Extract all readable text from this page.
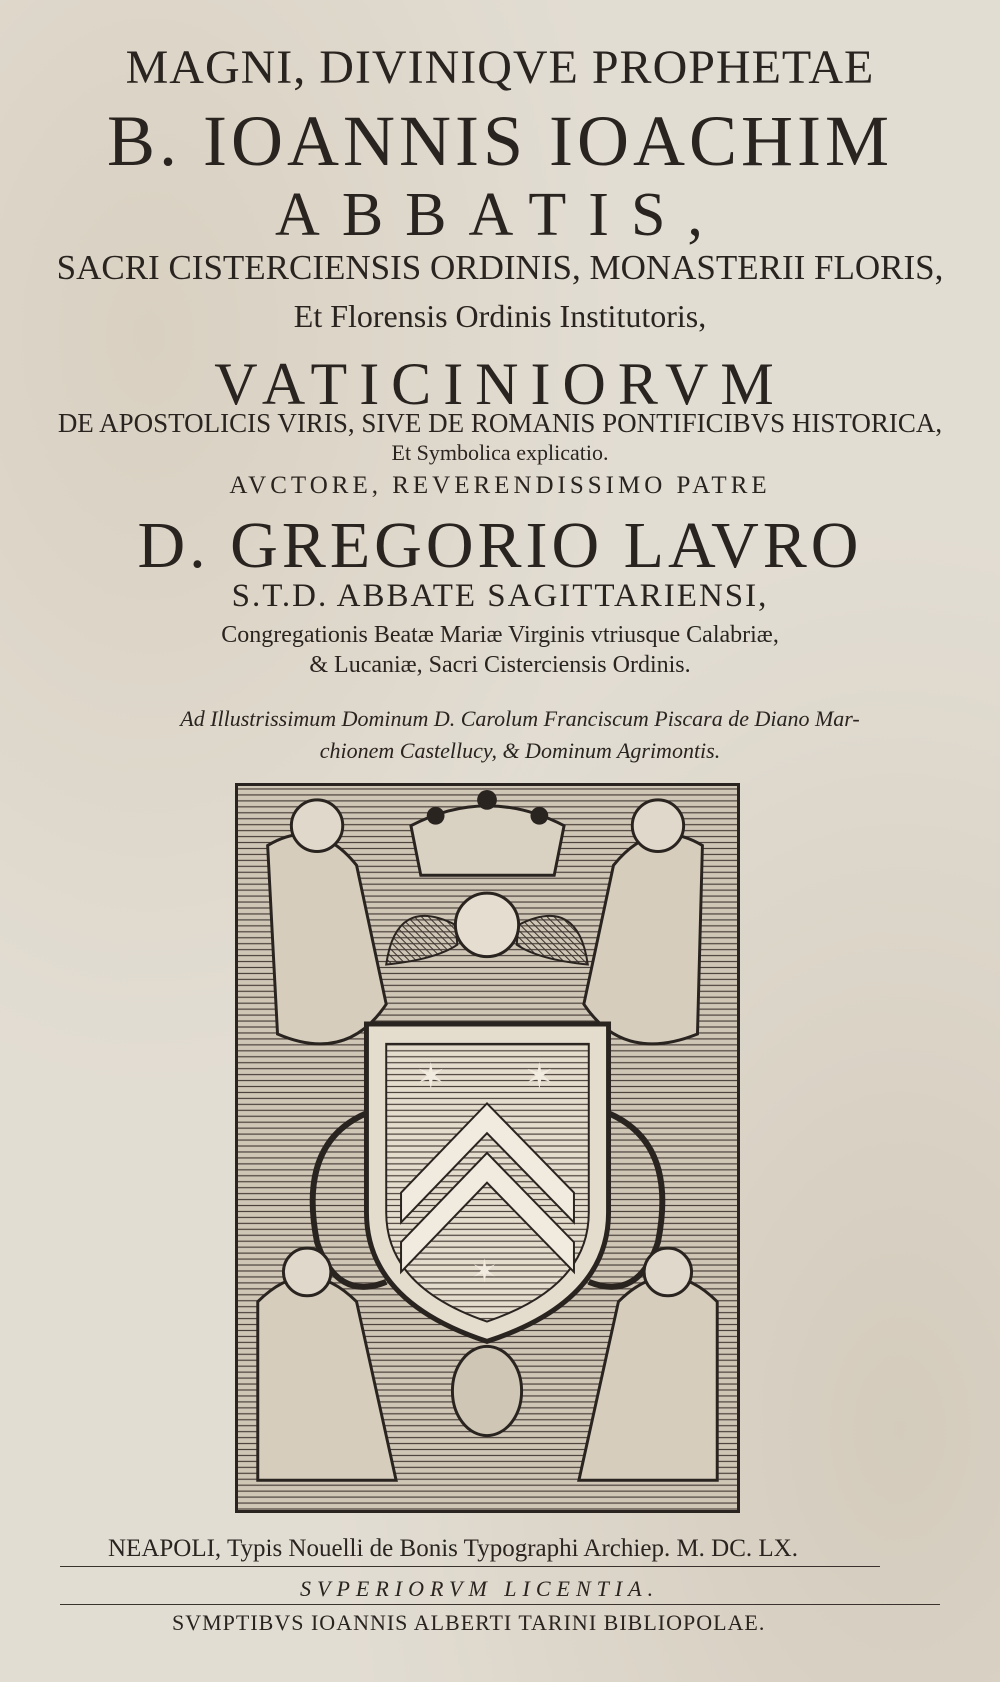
MAGNI, DIVINIQVE PROPHETAE

B. IOANNIS IOACHIM

ABBATIS,

SACRI CISTERCIENSIS ORDINIS, MONASTERII FLORIS,

Et Florensis Ordinis Institutoris,

VATICINIORVM

DE APOSTOLICIS VIRIS, SIVE DE ROMANIS PONTIFICIBVS HISTORICA,

Et Symbolica explicatio.

AVCTORE, REVERENDISSIMO PATRE

D. GREGORIO LAVRO

S.T.D. ABBATE SAGITTARIENSI,

Congregationis Beatæ Mariæ Virginis vtriusque Calabriæ,

& Lucaniæ, Sacri Cisterciensis Ordinis.

Ad Illustrissimum Dominum D. Carolum Franciscum Piscara de Diano Mar-

chionem Castellucy, & Dominum Agrimontis.

✶ ✶
✶

NEAPOLI, Typis Nouelli de Bonis Typographi Archiep. M. DC. LX.

SVPERIORVM LICENTIA.

SVMPTIBVS IOANNIS ALBERTI TARINI BIBLIOPOLAE.
